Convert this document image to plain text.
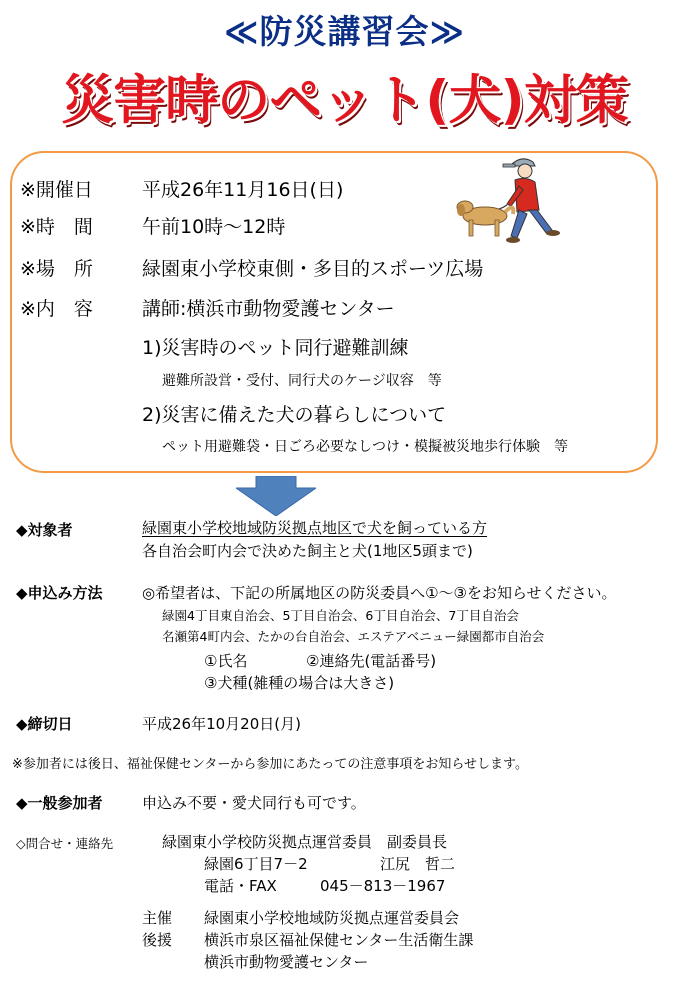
≪防災講習会≫
災害時のペット(犬)対策
※開催日	平成26年11月16日(日)
※時　間	午前10時～12時
※場　所	緑園東小学校東側・多目的スポーツ広場
※内　容	講師:横浜市動物愛護センター
1)災害時のペット同行避難訓練
避難所設営・受付、同行犬のケージ収容　等
2)災害に備えた犬の暮らしについて
ペット用避難袋・日ごろ必要なしつけ・模擬被災地歩行体験　等
◆対象者	緑園東小学校地域防災拠点地区で犬を飼っている方
各自治会町内会で決めた飼主と犬(1地区5頭まで)
◆申込み方法	◎希望者は、下記の所属地区の防災委員へ①～③をお知らせください。
緑園4丁目東自治会、5丁目自治会、6丁目自治会、7丁目自治会
名瀬第4町内会、たかの台自治会、エステアベニュー緑園都市自治会
①氏名	②連絡先(電話番号)
③犬種(雑種の場合は大きさ)
◆締切日	平成26年10月20日(月)
※参加者には後日、福祉保健センターから参加にあたっての注意事項をお知らせします。
◆一般参加者	申込み不要・愛犬同行も可です。
◇問合せ・連絡先	緑園東小学校防災拠点運営委員　副委員長
緑園6丁目7－2	江尻　哲二
電話・FAX	045－813－1967
主催 緑園東小学校地域防災拠点運営委員会
後援 横浜市泉区福祉保健センター生活衛生課
横浜市動物愛護センター
